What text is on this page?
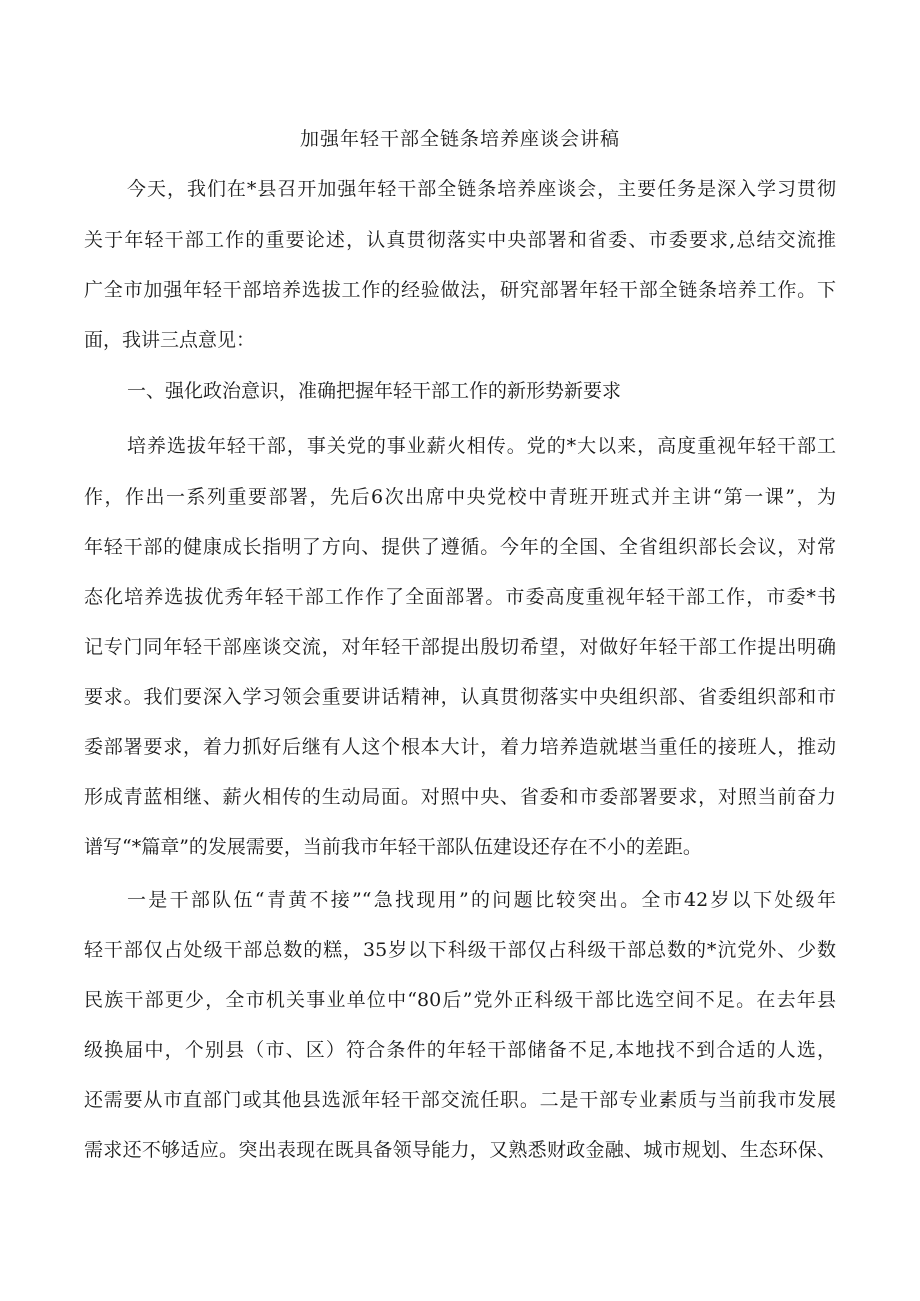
加强年轻干部全链条培养座谈会讲稿
今天，我们在*县召开加强年轻干部全链条培养座谈会，主要任务是深入学习贯彻
关于年轻干部工作的重要论述，认真贯彻落实中央部署和省委、市委要求,总结交流推
广全市加强年轻干部培养选拔工作的经验做法，研究部署年轻干部全链条培养工作。下
面，我讲三点意见：
一、强化政治意识，准确把握年轻干部工作的新形势新要求
培养选拔年轻干部，事关党的事业薪火相传。党的*大以来，高度重视年轻干部工
作，作出一系列重要部署，先后6次出席中央党校中青班开班式并主讲“第一课”，为
年轻干部的健康成长指明了方向、提供了遵循。今年的全国、全省组织部长会议，对常
态化培养选拔优秀年轻干部工作作了全面部署。市委高度重视年轻干部工作，市委*书
记专门同年轻干部座谈交流，对年轻干部提出殷切希望，对做好年轻干部工作提出明确
要求。我们要深入学习领会重要讲话精神，认真贯彻落实中央组织部、省委组织部和市
委部署要求，着力抓好后继有人这个根本大计，着力培养造就堪当重任的接班人，推动
形成青蓝相继、薪火相传的生动局面。对照中央、省委和市委部署要求，对照当前奋力
谱写“*篇章”的发展需要，当前我市年轻干部队伍建设还存在不小的差距。
一是干部队伍“青黄不接”“急找现用”的问题比较突出。全市42岁以下处级年
轻干部仅占处级干部总数的糕，35岁以下科级干部仅占科级干部总数的*沆党外、少数
民族干部更少，全市机关事业单位中“80后”党外正科级干部比选空间不足。在去年县
级换届中，个别县（市、区）符合条件的年轻干部储备不足,本地找不到合适的人选，
还需要从市直部门或其他县选派年轻干部交流任职。二是干部专业素质与当前我市发展
需求还不够适应。突出表现在既具备领导能力，又熟悉财政金融、城市规划、生态环保、
